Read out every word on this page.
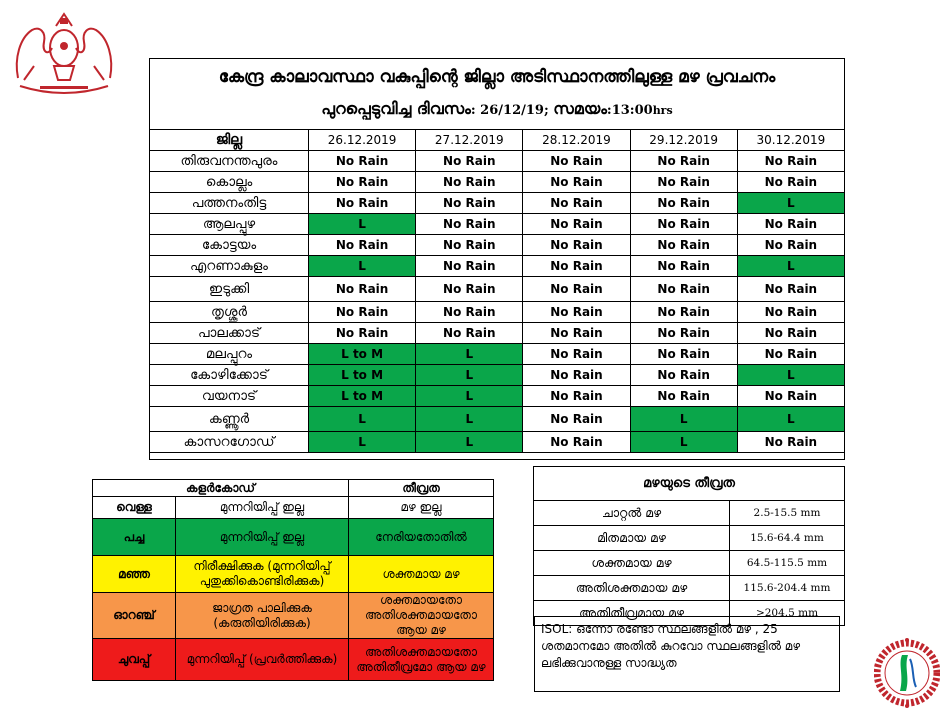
കേന്ദ്ര കാലാവസ്ഥാ വകുപ്പിന്റെ ജില്ലാ അടിസ്ഥാനത്തിലുള്ള മഴ പ്രവചനം
പുറപ്പെടുവിച്ച ദിവസം: 26/12/19; സമയം:13:00hrs
ജില്ല	26.12.2019	27.12.2019	28.12.2019	29.12.2019	30.12.2019
തിരുവനന്തപുരം	No Rain	No Rain	No Rain	No Rain	No Rain
കൊല്ലം	No Rain	No Rain	No Rain	No Rain	No Rain
പത്തനംതിട്ട	No Rain	No Rain	No Rain	No Rain	L
ആലപ്പുഴ	L	No Rain	No Rain	No Rain	No Rain
കോട്ടയം	No Rain	No Rain	No Rain	No Rain	No Rain
എറണാകുളം	L	No Rain	No Rain	No Rain	L
ഇടുക്കി	No Rain	No Rain	No Rain	No Rain	No Rain
തൃശ്ശൂർ	No Rain	No Rain	No Rain	No Rain	No Rain
പാലക്കാട്	No Rain	No Rain	No Rain	No Rain	No Rain
മലപ്പുറം	L to M	L	No Rain	No Rain	No Rain
കോഴിക്കോട്	L to M	L	No Rain	No Rain	L
വയനാട്	L to M	L	No Rain	No Rain	No Rain
കണ്ണൂർ	L	L	No Rain	L	L
കാസറഗോഡ്	L	L	No Rain	L	No Rain
കളർകോഡ്		തീവ്രത
വെള്ള	മുന്നറിയിപ്പ് ഇല്ല	മഴ ഇല്ല
പച്ച	മുന്നറിയിപ്പ് ഇല്ല	നേരിയതോതിൽ
മഞ്ഞ	നിരീക്ഷിക്കുക (മുന്നറിയിപ്പ് പുതുക്കികൊണ്ടിരിക്കുക)	ശക്തമായ മഴ
ഓറഞ്ച്	ജാഗ്രത പാലിക്കുക (കരുതിയിരിക്കുക)	ശക്തമായതോ അതിശക്തമായതോ ആയ മഴ
ചുവപ്പ്	മുന്നറിയിപ്പ് (പ്രവർത്തിക്കുക)	അതിശക്തമായതോ അതിതീവ്രമോ ആയ മഴ
മഴയുടെ തീവ്രത	
ചാറ്റൽ മഴ	2.5-15.5 mm
മിതമായ മഴ	15.6-64.4 mm
ശക്തമായ മഴ	64.5-115.5 mm
അതിശക്തമായ മഴ	115.6-204.4 mm
അതിതീവ്രമായ മഴ	>204.5 mm
ISOL: ഒന്നോ രണ്ടോ സ്ഥലങ്ങളിൽ മഴ , 25 ശതമാനമോ അതിൽ കുറവോ സ്ഥലങ്ങളിൽ മഴ ലഭിക്കുവാനുള്ള സാദ്ധ്യത
